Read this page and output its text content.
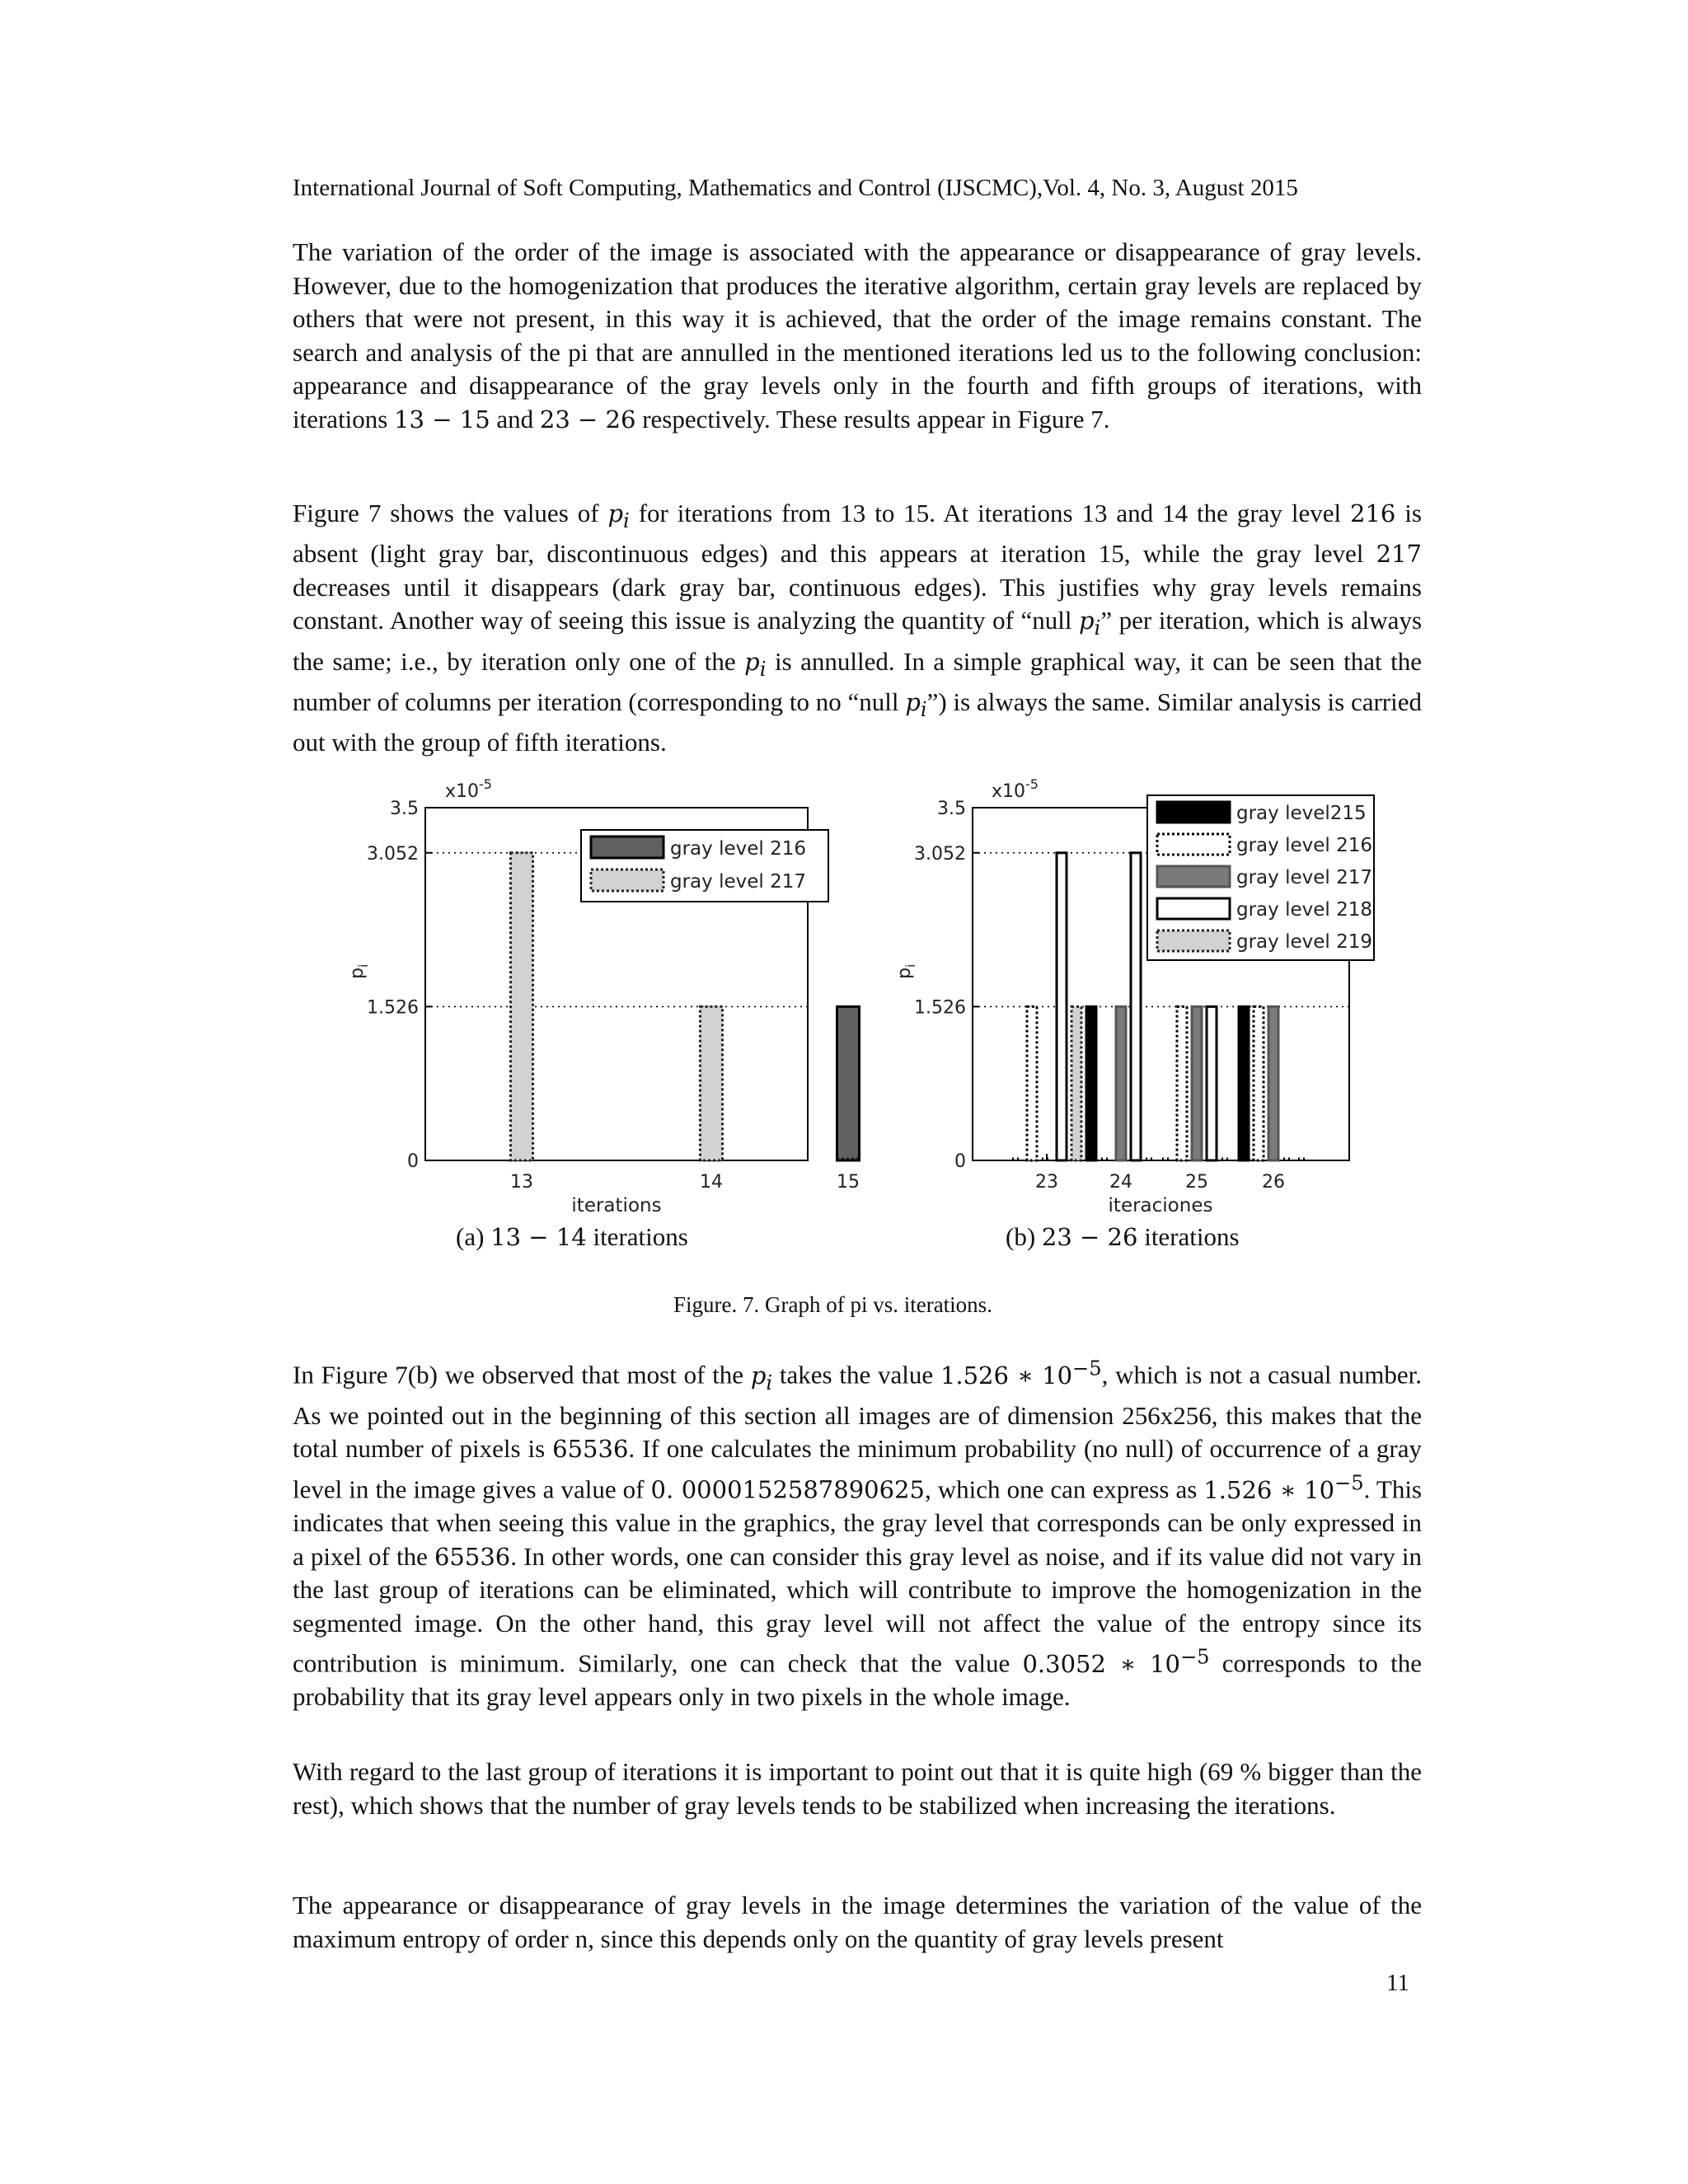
International Journal of Soft Computing, Mathematics and Control (IJSCMC),Vol. 4, No. 3, August 2015

The variation of the order of the image is associated with the appearance or disappearance of gray levels. However, due to the homogenization that produces the iterative algorithm, certain gray levels are replaced by others that were not present, in this way it is achieved, that the order of the image remains constant. The search and analysis of the pi that are annulled in the mentioned iterations led us to the following conclusion: appearance and disappearance of the gray levels only in the fourth and fifth groups of iterations, with iterations 13 − 15 and 23 − 26 respectively. These results appear in Figure 7.

Figure 7 shows the values of $p_i$ for iterations from 13 to 15. At iterations 13 and 14 the gray level 216 is absent (light gray bar, discontinuous edges) and this appears at iteration 15, while the gray level 217 decreases until it disappears (dark gray bar, continuous edges). This justifies why gray levels remains constant. Another way of seeing this issue is analyzing the quantity of “null $p_i$” per iteration, which is always the same; i.e., by iteration only one of the $p_i$ is annulled. In a simple graphical way, it can be seen that the number of columns per iteration (corresponding to no “null $p_i$”) is always the same. Similar analysis is carried out with the group of fifth iterations.

0
1.526
3.052
3.5
$x10^{-5}$
$p_i$
13	14	15
iterations
gray level 216
gray level 217
0
1.526
3.052
3.5
$x10^{-5}$
$p_i$
23	24	25	26
iteraciones
gray level215
gray level 216
gray level 217
gray level 218
gray level 219
(a) 13 − 14 iterations	(b) 23 − 26 iterations
Figure. 7. Graph of pi vs. iterations.

In Figure 7(b) we observed that most of the $p_i$ takes the value 1.526 ∗ $10^{-5}$, which is not a casual number. As we pointed out in the beginning of this section all images are of dimension 256x256, this makes that the total number of pixels is 65536. If one calculates the minimum probability (no null) of occurrence of a gray level in the image gives a value of 0. 0000152587890625, which one can express as 1.526 ∗ $10^{-5}$. This indicates that when seeing this value in the graphics, the gray level that corresponds can be only expressed in a pixel of the 65536. In other words, one can consider this gray level as noise, and if its value did not vary in the last group of iterations can be eliminated, which will contribute to improve the homogenization in the segmented image. On the other hand, this gray level will not affect the value of the entropy since its contribution is minimum. Similarly, one can check that the value 0.3052 ∗ $10^{-5}$ corresponds to the probability that its gray level appears only in two pixels in the whole image.

With regard to the last group of iterations it is important to point out that it is quite high (69 % bigger than the rest), which shows that the number of gray levels tends to be stabilized when increasing the iterations.

The appearance or disappearance of gray levels in the image determines the variation of the value of the maximum entropy of order n, since this depends only on the quantity of gray levels present

11
